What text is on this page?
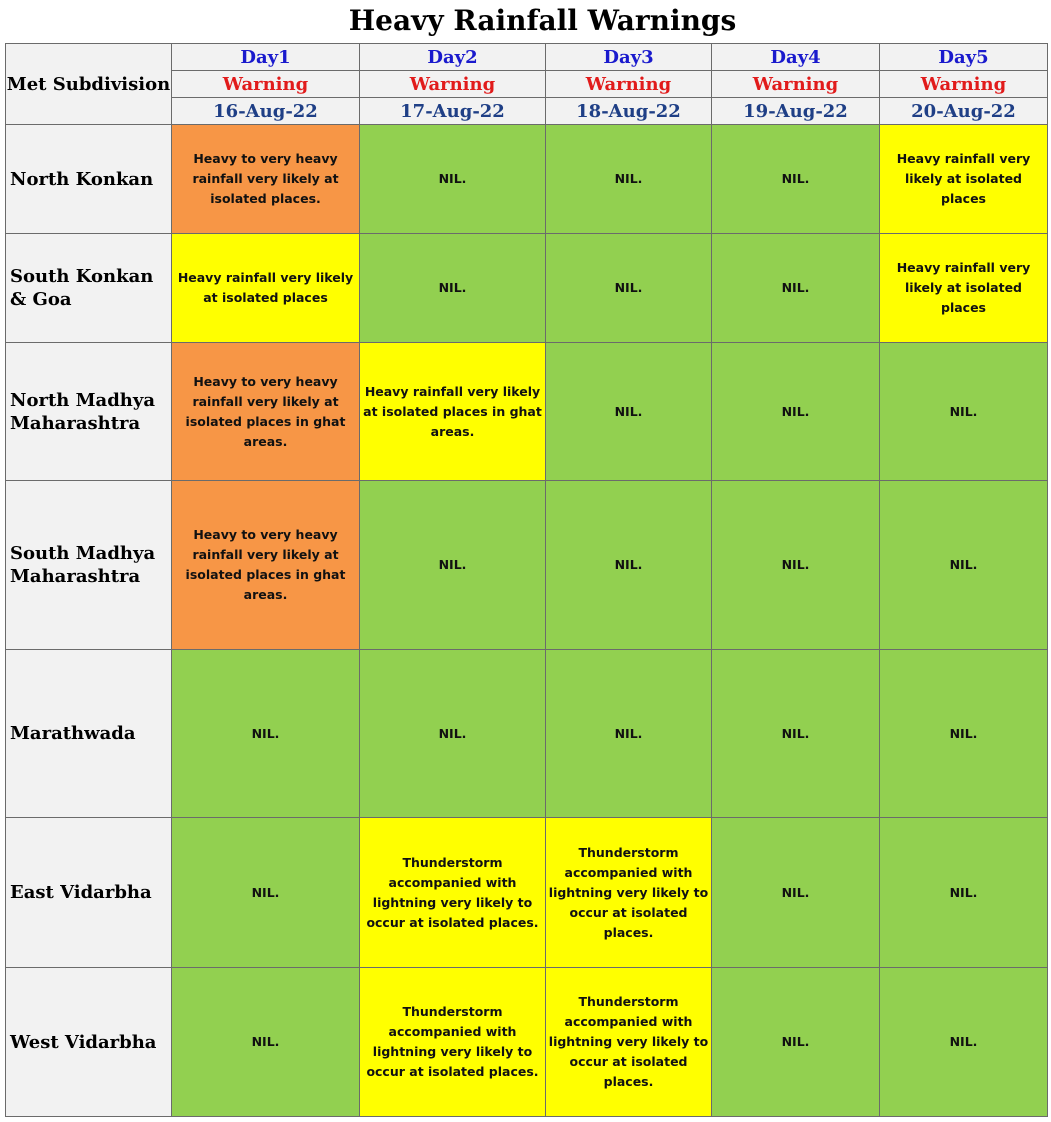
Heavy Rainfall Warnings
Met Subdivision	Day1	Day2	Day3	Day4	Day5
	Warning	Warning	Warning	Warning	Warning
	16-Aug-22	17-Aug-22	18-Aug-22	19-Aug-22	20-Aug-22
North Konkan	Heavy to very heavy rainfall very likely at isolated places.	NIL.	NIL.	NIL.	Heavy rainfall very likely at isolated places
South Konkan & Goa	Heavy rainfall very likely at isolated places	NIL.	NIL.	NIL.	Heavy rainfall very likely at isolated places
North Madhya Maharashtra	Heavy to very heavy rainfall very likely at isolated places in ghat areas.	Heavy rainfall very likely at isolated places in ghat areas.	NIL.	NIL.	NIL.
South Madhya Maharashtra	Heavy to very heavy rainfall very likely at isolated places in ghat areas.	NIL.	NIL.	NIL.	NIL.
Marathwada	NIL.	NIL.	NIL.	NIL.	NIL.
East Vidarbha	NIL.	Thunderstorm accompanied with lightning very likely to occur at isolated places.	Thunderstorm accompanied with lightning very likely to occur at isolated places.	NIL.	NIL.
West Vidarbha	NIL.	Thunderstorm accompanied with lightning very likely to occur at isolated places.	Thunderstorm accompanied with lightning very likely to occur at isolated places.	NIL.	NIL.
